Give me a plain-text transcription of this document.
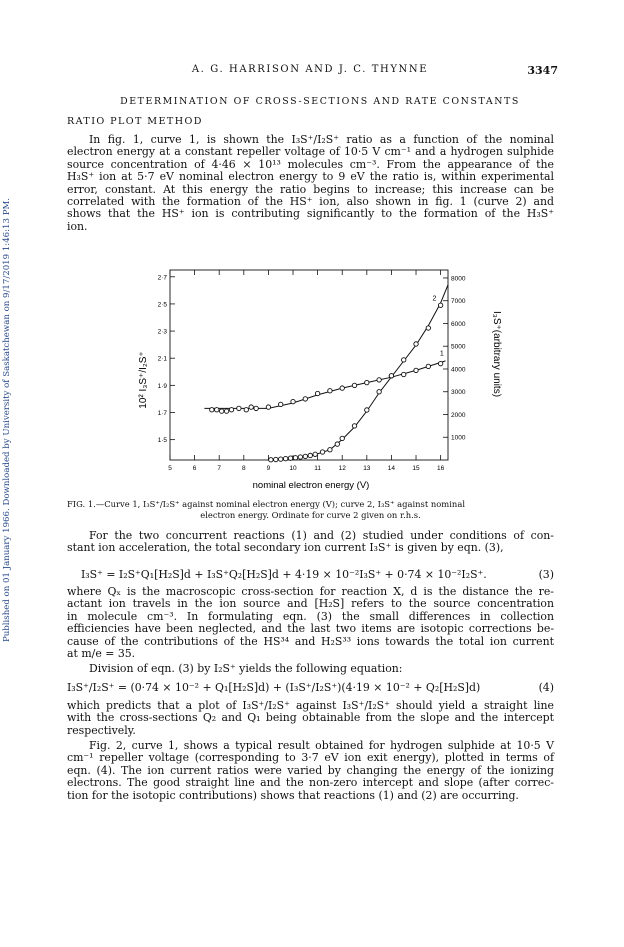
Published on 01 January 1966. Downloaded by University of Saskatchewan on 9/17/2019 1:46:13 PM.
A. G. HARRISON AND J. C. THYNNE	3347
DETERMINATION OF CROSS-SECTIONS AND RATE CONSTANTS
RATIO PLOT METHOD
In fig. 1, curve 1, is shown the I₃S⁺/I₂S⁺ ratio as a function of the nominal
electron energy at a constant repeller voltage of 10·5 V cm⁻¹ and a hydrogen sulphide
source concentration of 4·46 × 10¹³ molecules cm⁻³. From the appearance of the
H₃S⁺ ion at 5·7 eV nominal electron energy to 9 eV the ratio is, within experimental
error, constant. At this energy the ratio begins to increase; this increase can be
correlated with the formation of the HS⁺ ion, also shown in fig. 1 (curve 2) and
shows that the HS⁺ ion is contributing significantly to the formation of the H₃S⁺
ion.
5	6	7	8	9	10	11	12	13	14	15	16
2·7
2·5
2·3
2·1
1·9
1·7
1·5
8000
7000
6000
5000
4000
3000
2000
1000
2
1
10² I₃S⁺/I₂S⁺	I₃S⁺(arbitrary units)
nominal electron energy (V)
FIG. 1.—Curve 1, I₃S⁺/I₂S⁺ against nominal electron energy (V); curve 2, I₃S⁺ against nominal
electron energy. Ordinate for curve 2 given on r.h.s.
For the two concurrent reactions (1) and (2) studied under conditions of con-
stant ion acceleration, the total secondary ion current I₃S⁺ is given by eqn. (3),
I₃S⁺ = I₂S⁺Q₁[H₂S]d + I₃S⁺Q₂[H₂S]d + 4·19 × 10⁻²I₃S⁺ + 0·74 × 10⁻²I₂S⁺.	(3)
where Qₓ is the macroscopic cross-section for reaction X, d is the distance the re-
actant ion travels in the ion source and [H₂S] refers to the source concentration
in molecule cm⁻³. In formulating eqn. (3) the small differences in collection
efficiencies have been neglected, and the last two items are isotopic corrections be-
cause of the contributions of the HS³⁴ and H₂S³³ ions towards the total ion current
at m/e = 35.
Division of eqn. (3) by I₂S⁺ yields the following equation:
I₃S⁺/I₂S⁺ = (0·74 × 10⁻² + Q₁[H₂S]d) + (I₃S⁺/I₂S⁺)(4·19 × 10⁻² + Q₂[H₂S]d)	(4)
which predicts that a plot of I₃S⁺/I₂S⁺ against I₃S⁺/I₂S⁺ should yield a straight line
with the cross-sections Q₂ and Q₁ being obtainable from the slope and the intercept
respectively.
Fig. 2, curve 1, shows a typical result obtained for hydrogen sulphide at 10·5 V
cm⁻¹ repeller voltage (corresponding to 3·7 eV ion exit energy), plotted in terms of
eqn. (4). The ion current ratios were varied by changing the energy of the ionizing
electrons. The good straight line and the non-zero intercept and slope (after correc-
tion for the isotopic contributions) shows that reactions (1) and (2) are occurring.
